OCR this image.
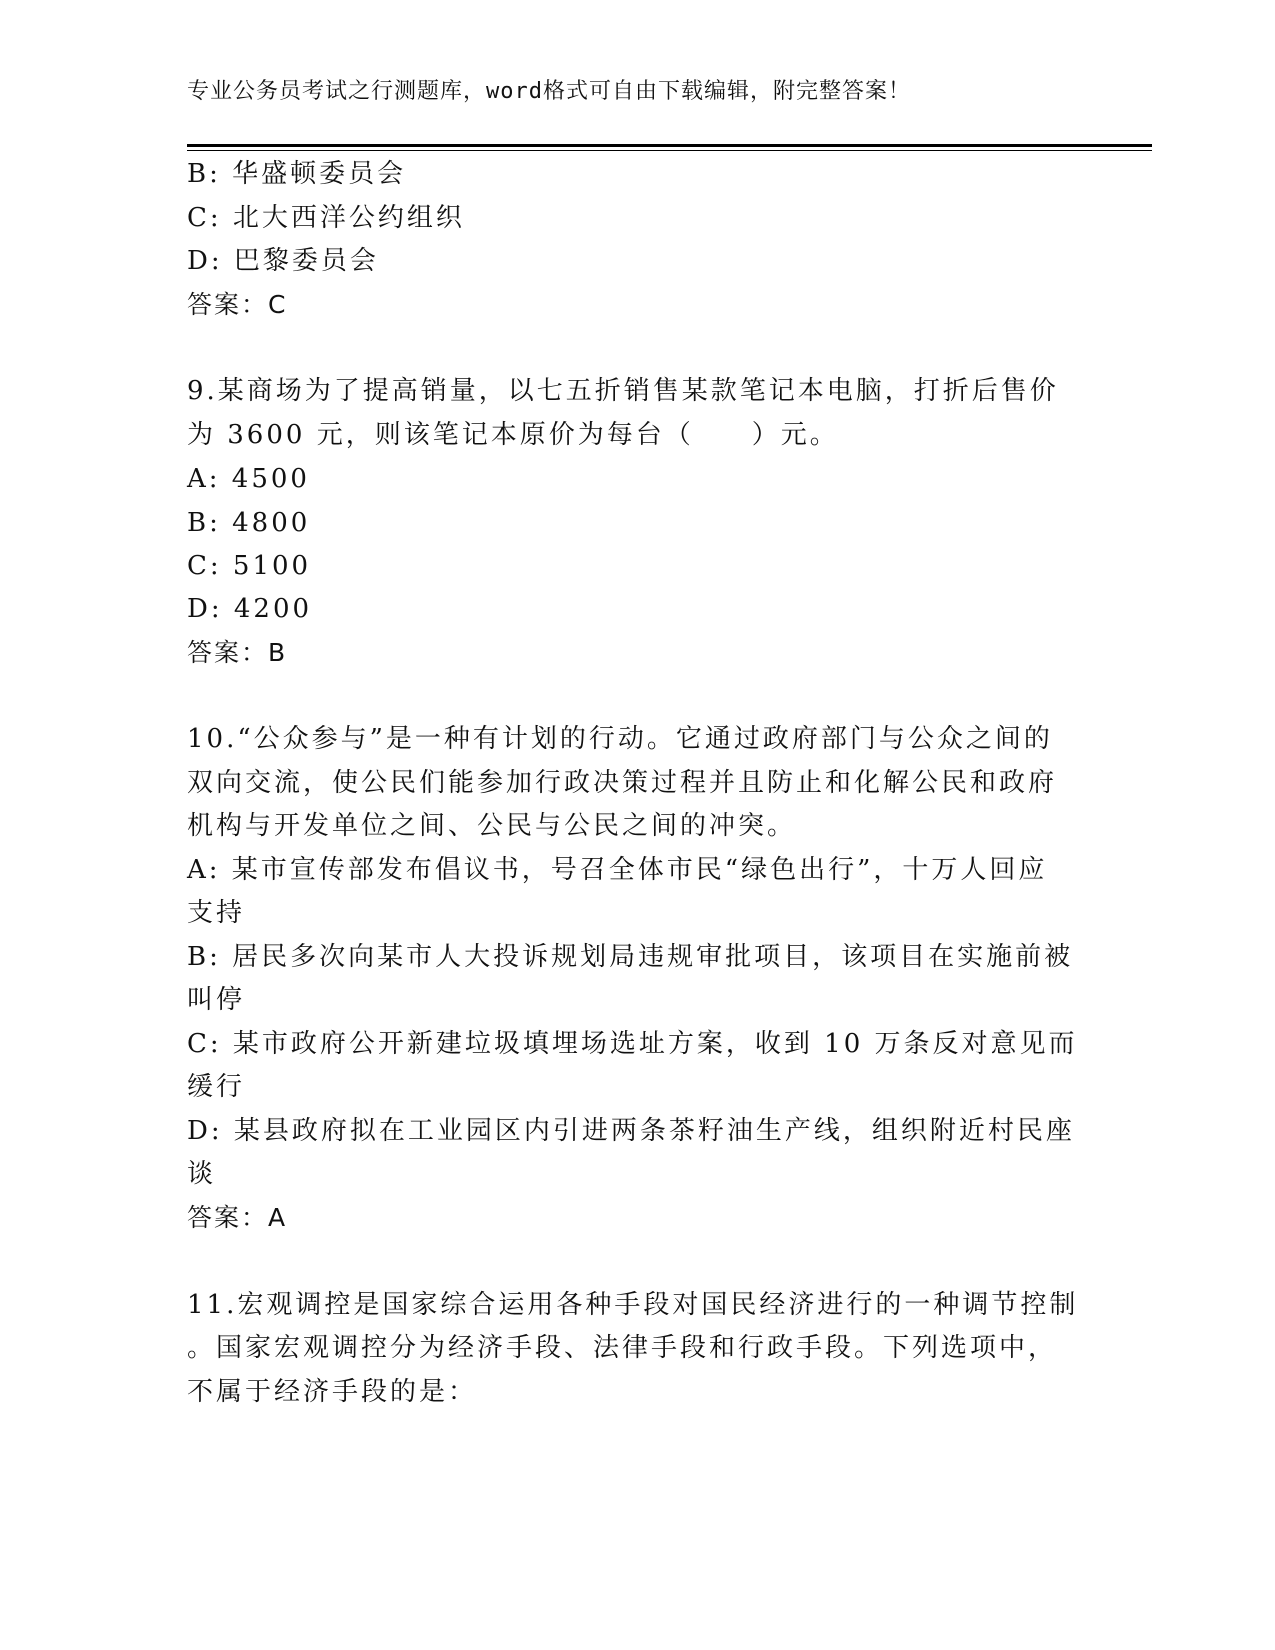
专业公务员考试之行测题库，word格式可自由下载编辑，附完整答案！
B: 华盛顿委员会
C: 北大西洋公约组织
D: 巴黎委员会
答案：C
9.某商场为了提高销量，以七五折销售某款笔记本电脑，打折后售价
为 3600 元，则该笔记本原价为每台（　　）元。
A: 4500
B: 4800
C: 5100
D: 4200
答案：B
10.“公众参与”是一种有计划的行动。它通过政府部门与公众之间的
双向交流，使公民们能参加行政决策过程并且防止和化解公民和政府
机构与开发单位之间、公民与公民之间的冲突。
A: 某市宣传部发布倡议书，号召全体市民“绿色出行”，十万人回应
支持
B: 居民多次向某市人大投诉规划局违规审批项目，该项目在实施前被
叫停
C: 某市政府公开新建垃圾填埋场选址方案，收到 10 万条反对意见而
缓行
D: 某县政府拟在工业园区内引进两条茶籽油生产线，组织附近村民座
谈
答案：A
11.宏观调控是国家综合运用各种手段对国民经济进行的一种调节控制
。国家宏观调控分为经济手段、法律手段和行政手段。下列选项中，
不属于经济手段的是：
